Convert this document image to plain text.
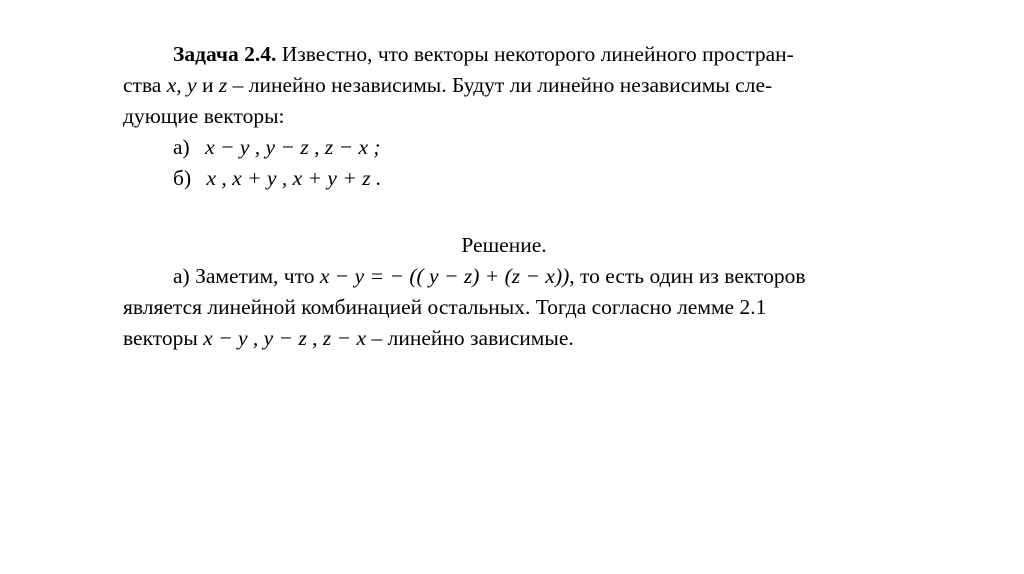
Задача 2.4. Известно, что векторы некоторого линейного простран-
ства x, y и z – линейно независимы. Будут ли линейно независимы сле-
дующие векторы:
а) x − y , y − z , z − x ;
б) x , x + y , x + y + z .
Решение.
а) Заметим, что x − y = − (( y − z) + (z − x)), то есть один из векторов
является линейной комбинацией остальных. Тогда согласно лемме 2.1
векторы x − y , y − z , z − x – линейно зависимые.
